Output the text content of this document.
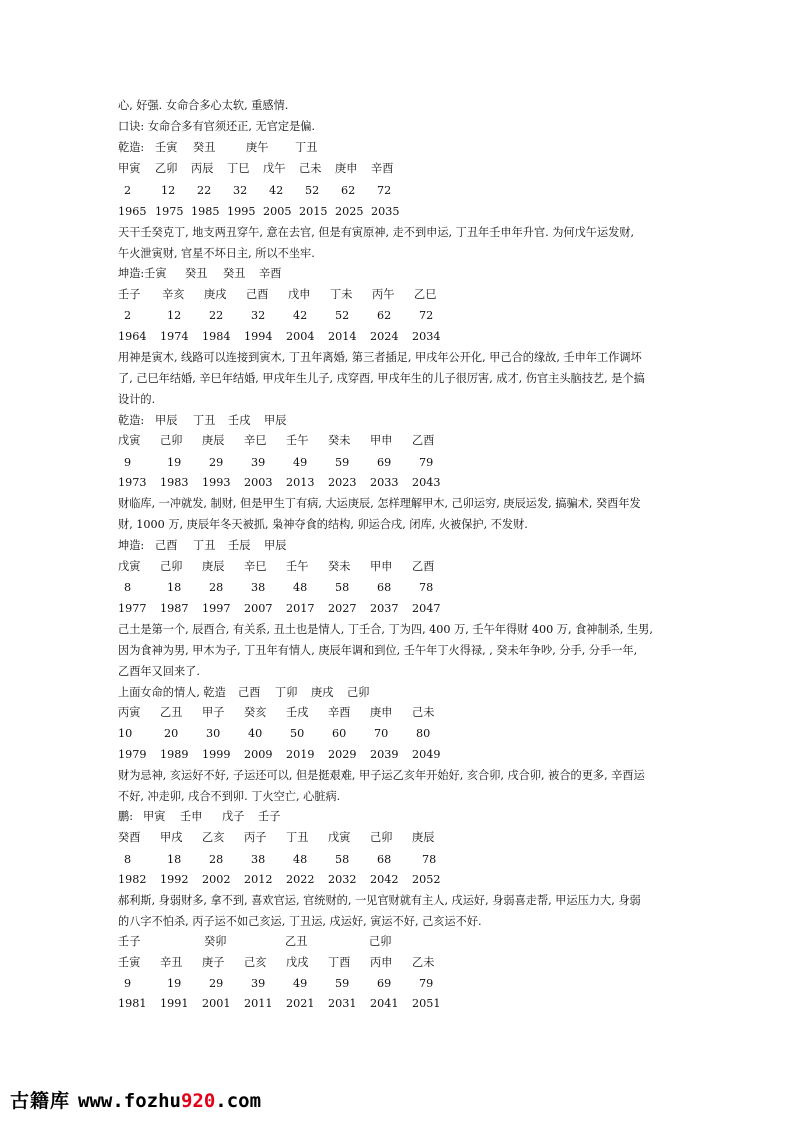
心, 好强. 女命合多心太软, 重感情.
口诀: 女命合多有官须还正, 无官定是偏.
乾造: 壬寅 癸丑	庚午 丁丑
甲寅 乙卯 丙辰 丁巳 戊午 己未 庚申 辛酉
2	12 22 32 42 52 62 72
1965 1975 1985 1995 2005 2015 2025 2035
天干壬癸克丁, 地支两丑穿午, 意在去官, 但是有寅原神, 走不到申运, 丁丑年壬申年升官. 为何戊午运发财,
午火泄寅财, 官星不坏日主, 所以不坐牢.
坤造:壬寅 癸丑 癸丑 辛酉
壬子 辛亥 庚戌 己酉 戊申 丁未 丙午 乙巳
2	12 22 32 42 52 62 72
1964 1974 1984 1994 2004 2014 2024 2034
用神是寅木, 线路可以连接到寅木, 丁丑年离婚, 第三者插足, 甲戌年公开化, 甲己合的缘故, 壬申年工作调坏
了, 己巳年结婚, 辛巳年结婚, 甲戌年生儿子, 戌穿酉, 甲戌年生的儿子很厉害, 成才, 伤官主头脑技艺, 是个搞
设计的.
乾造: 甲辰 丁丑 壬戌 甲辰
戊寅 己卯 庚辰 辛巳 壬午 癸未 甲申 乙酉
9	19 29 39 49 59 69 79
1973 1983 1993 2003 2013 2023 2033 2043
财临库, 一冲就发, 制财, 但是甲生丁有病, 大运庚辰, 怎样理解甲木, 己卯运穷, 庚辰运发, 搞骗术, 癸酉年发
财, 1000 万, 庚辰年冬天被抓, 枭神夺食的结构, 卯运合戌, 闭库, 火被保护, 不发财.
坤造: 己酉 丁丑 壬辰 甲辰
戊寅 己卯 庚辰 辛巳 壬午 癸未 甲申 乙酉
8	18 28 38 48 58 68 78
1977 1987 1997 2007 2017 2027 2037 2047
己土是第一个, 辰酉合, 有关系, 丑土也是情人, 丁壬合, 丁为四, 400 万, 壬午年得财 400 万, 食神制杀, 生男,
因为食神为男, 甲木为子, 丁丑年有情人, 庚辰年调和到位, 壬午年丁火得禄, , 癸未年争吵, 分手, 分手一年,
乙酉年又回来了.
上面女命的情人, 乾造 己酉 丁卯 庚戌 己卯
丙寅 乙丑 甲子 癸亥 壬戌 辛酉 庚申 己未
10	20 30 40 50 60 70 80
1979 1989 1999 2009 2019 2029 2039 2049
财为忌神, 亥运好不好, 子运还可以, 但是挺艰难, 甲子运乙亥年开始好, 亥合卯, 戌合卯, 被合的更多, 辛酉运
不好, 冲走卯, 戌合不到卯. 丁火空亡, 心脏病.
鹏: 甲寅 壬申 戊子 壬子
癸酉 甲戌 乙亥 丙子 丁丑 戊寅 己卯 庚辰
8	18 28 38 48 58 68	78
1982 1992 2002 2012 2022 2032 2042 2052
郝利斯, 身弱财多, 拿不到, 喜欢官运, 官统财的, 一见官财就有主人, 戌运好, 身弱喜走帮, 甲运压力大, 身弱
的八字不怕杀, 丙子运不如己亥运, 丁丑运, 戌运好, 寅运不好, 己亥运不好.
壬子	癸卯	乙丑	己卯
壬寅 辛丑 庚子 己亥 戊戌 丁酉 丙申 乙未
9	19 29 39 49 59 69 79
1981 1991 2001 2011 2021 2031 2041 2051
古籍库 www.fozhu920.com
